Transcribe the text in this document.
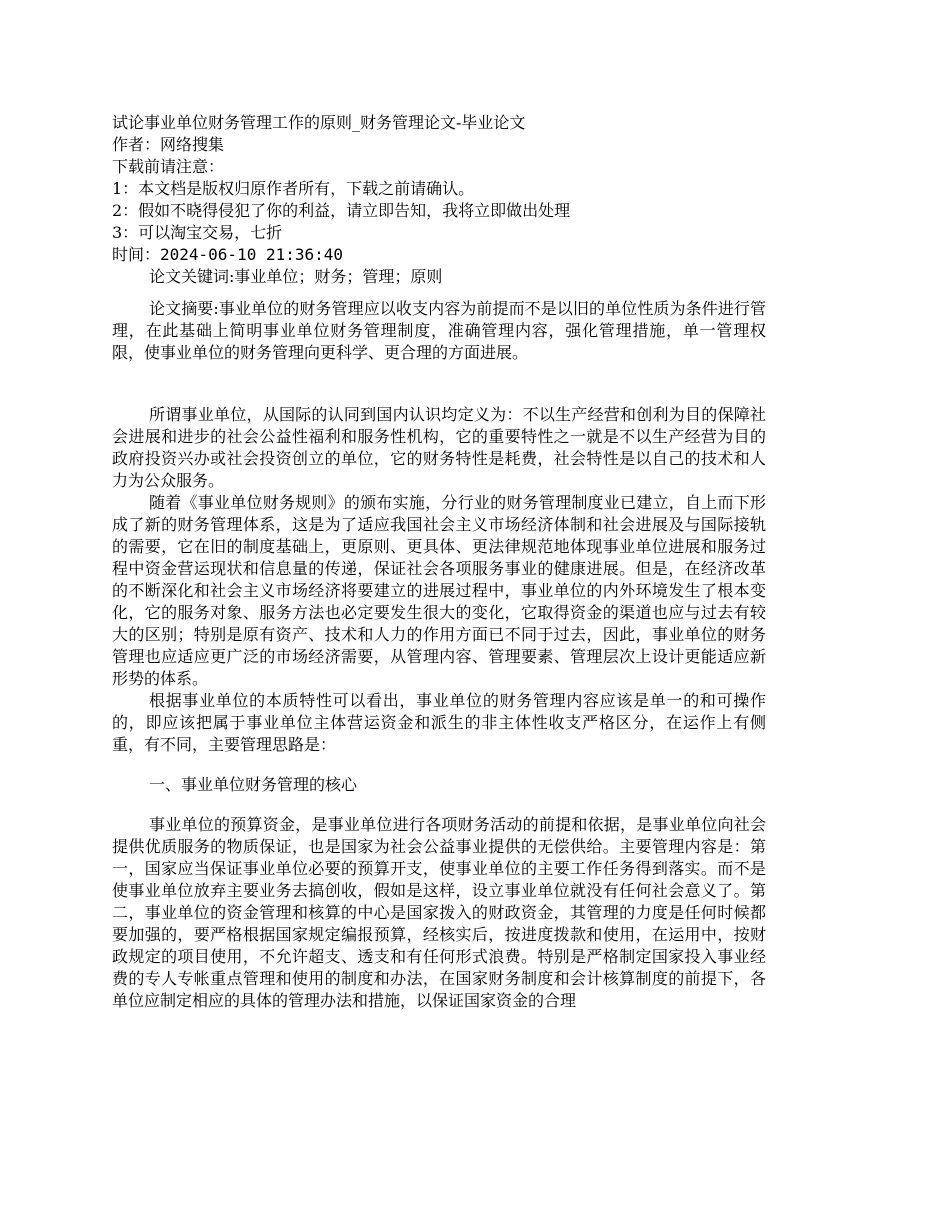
试论事业单位财务管理工作的原则_财务管理论文-毕业论文

作者：网络搜集

下载前请注意：

1：本文档是版权归原作者所有，下载之前请确认。

2：假如不晓得侵犯了你的利益，请立即告知，我将立即做出处理

3：可以淘宝交易，七折

时间：2024-06-10 21:36:40

论文关键词:事业单位；财务；管理；原则

论文摘要:事业单位的财务管理应以收支内容为前提而不是以旧的单位性质为条件进行管理，在此基础上简明事业单位财务管理制度，准确管理内容，强化管理措施，单一管理权限，使事业单位的财务管理向更科学、更合理的方面进展。

所谓事业单位，从国际的认同到国内认识均定义为：不以生产经营和创利为目的保障社会进展和进步的社会公益性福利和服务性机构，它的重要特性之一就是不以生产经营为目的政府投资兴办或社会投资创立的单位，它的财务特性是耗费，社会特性是以自己的技术和人力为公众服务。

随着《事业单位财务规则》的颁布实施，分行业的财务管理制度业已建立，自上而下形成了新的财务管理体系，这是为了适应我国社会主义市场经济体制和社会进展及与国际接轨的需要，它在旧的制度基础上，更原则、更具体、更法律规范地体现事业单位进展和服务过程中资金营运现状和信息量的传递，保证社会各项服务事业的健康进展。但是，在经济改革的不断深化和社会主义市场经济将要建立的进展过程中，事业单位的内外环境发生了根本变化，它的服务对象、服务方法也必定要发生很大的变化，它取得资金的渠道也应与过去有较大的区别；特别是原有资产、技术和人力的作用方面已不同于过去，因此，事业单位的财务管理也应适应更广泛的市场经济需要，从管理内容、管理要素、管理层次上设计更能适应新形势的体系。

根据事业单位的本质特性可以看出，事业单位的财务管理内容应该是单一的和可操作的，即应该把属于事业单位主体营运资金和派生的非主体性收支严格区分，在运作上有侧重，有不同，主要管理思路是：

一、事业单位财务管理的核心

事业单位的预算资金，是事业单位进行各项财务活动的前提和依据，是事业单位向社会提供优质服务的物质保证，也是国家为社会公益事业提供的无偿供给。主要管理内容是：第一，国家应当保证事业单位必要的预算开支，使事业单位的主要工作任务得到落实。而不是使事业单位放弃主要业务去搞创收，假如是这样，设立事业单位就没有任何社会意义了。第二，事业单位的资金管理和核算的中心是国家拨入的财政资金，其管理的力度是任何时候都要加强的，要严格根据国家规定编报预算，经核实后，按进度拨款和使用，在运用中，按财政规定的项目使用，不允许超支、透支和有任何形式浪费。特别是严格制定国家投入事业经费的专人专帐重点管理和使用的制度和办法，在国家财务制度和会计核算制度的前提下，各单位应制定相应的具体的管理办法和措施，以保证国家资金的合理
